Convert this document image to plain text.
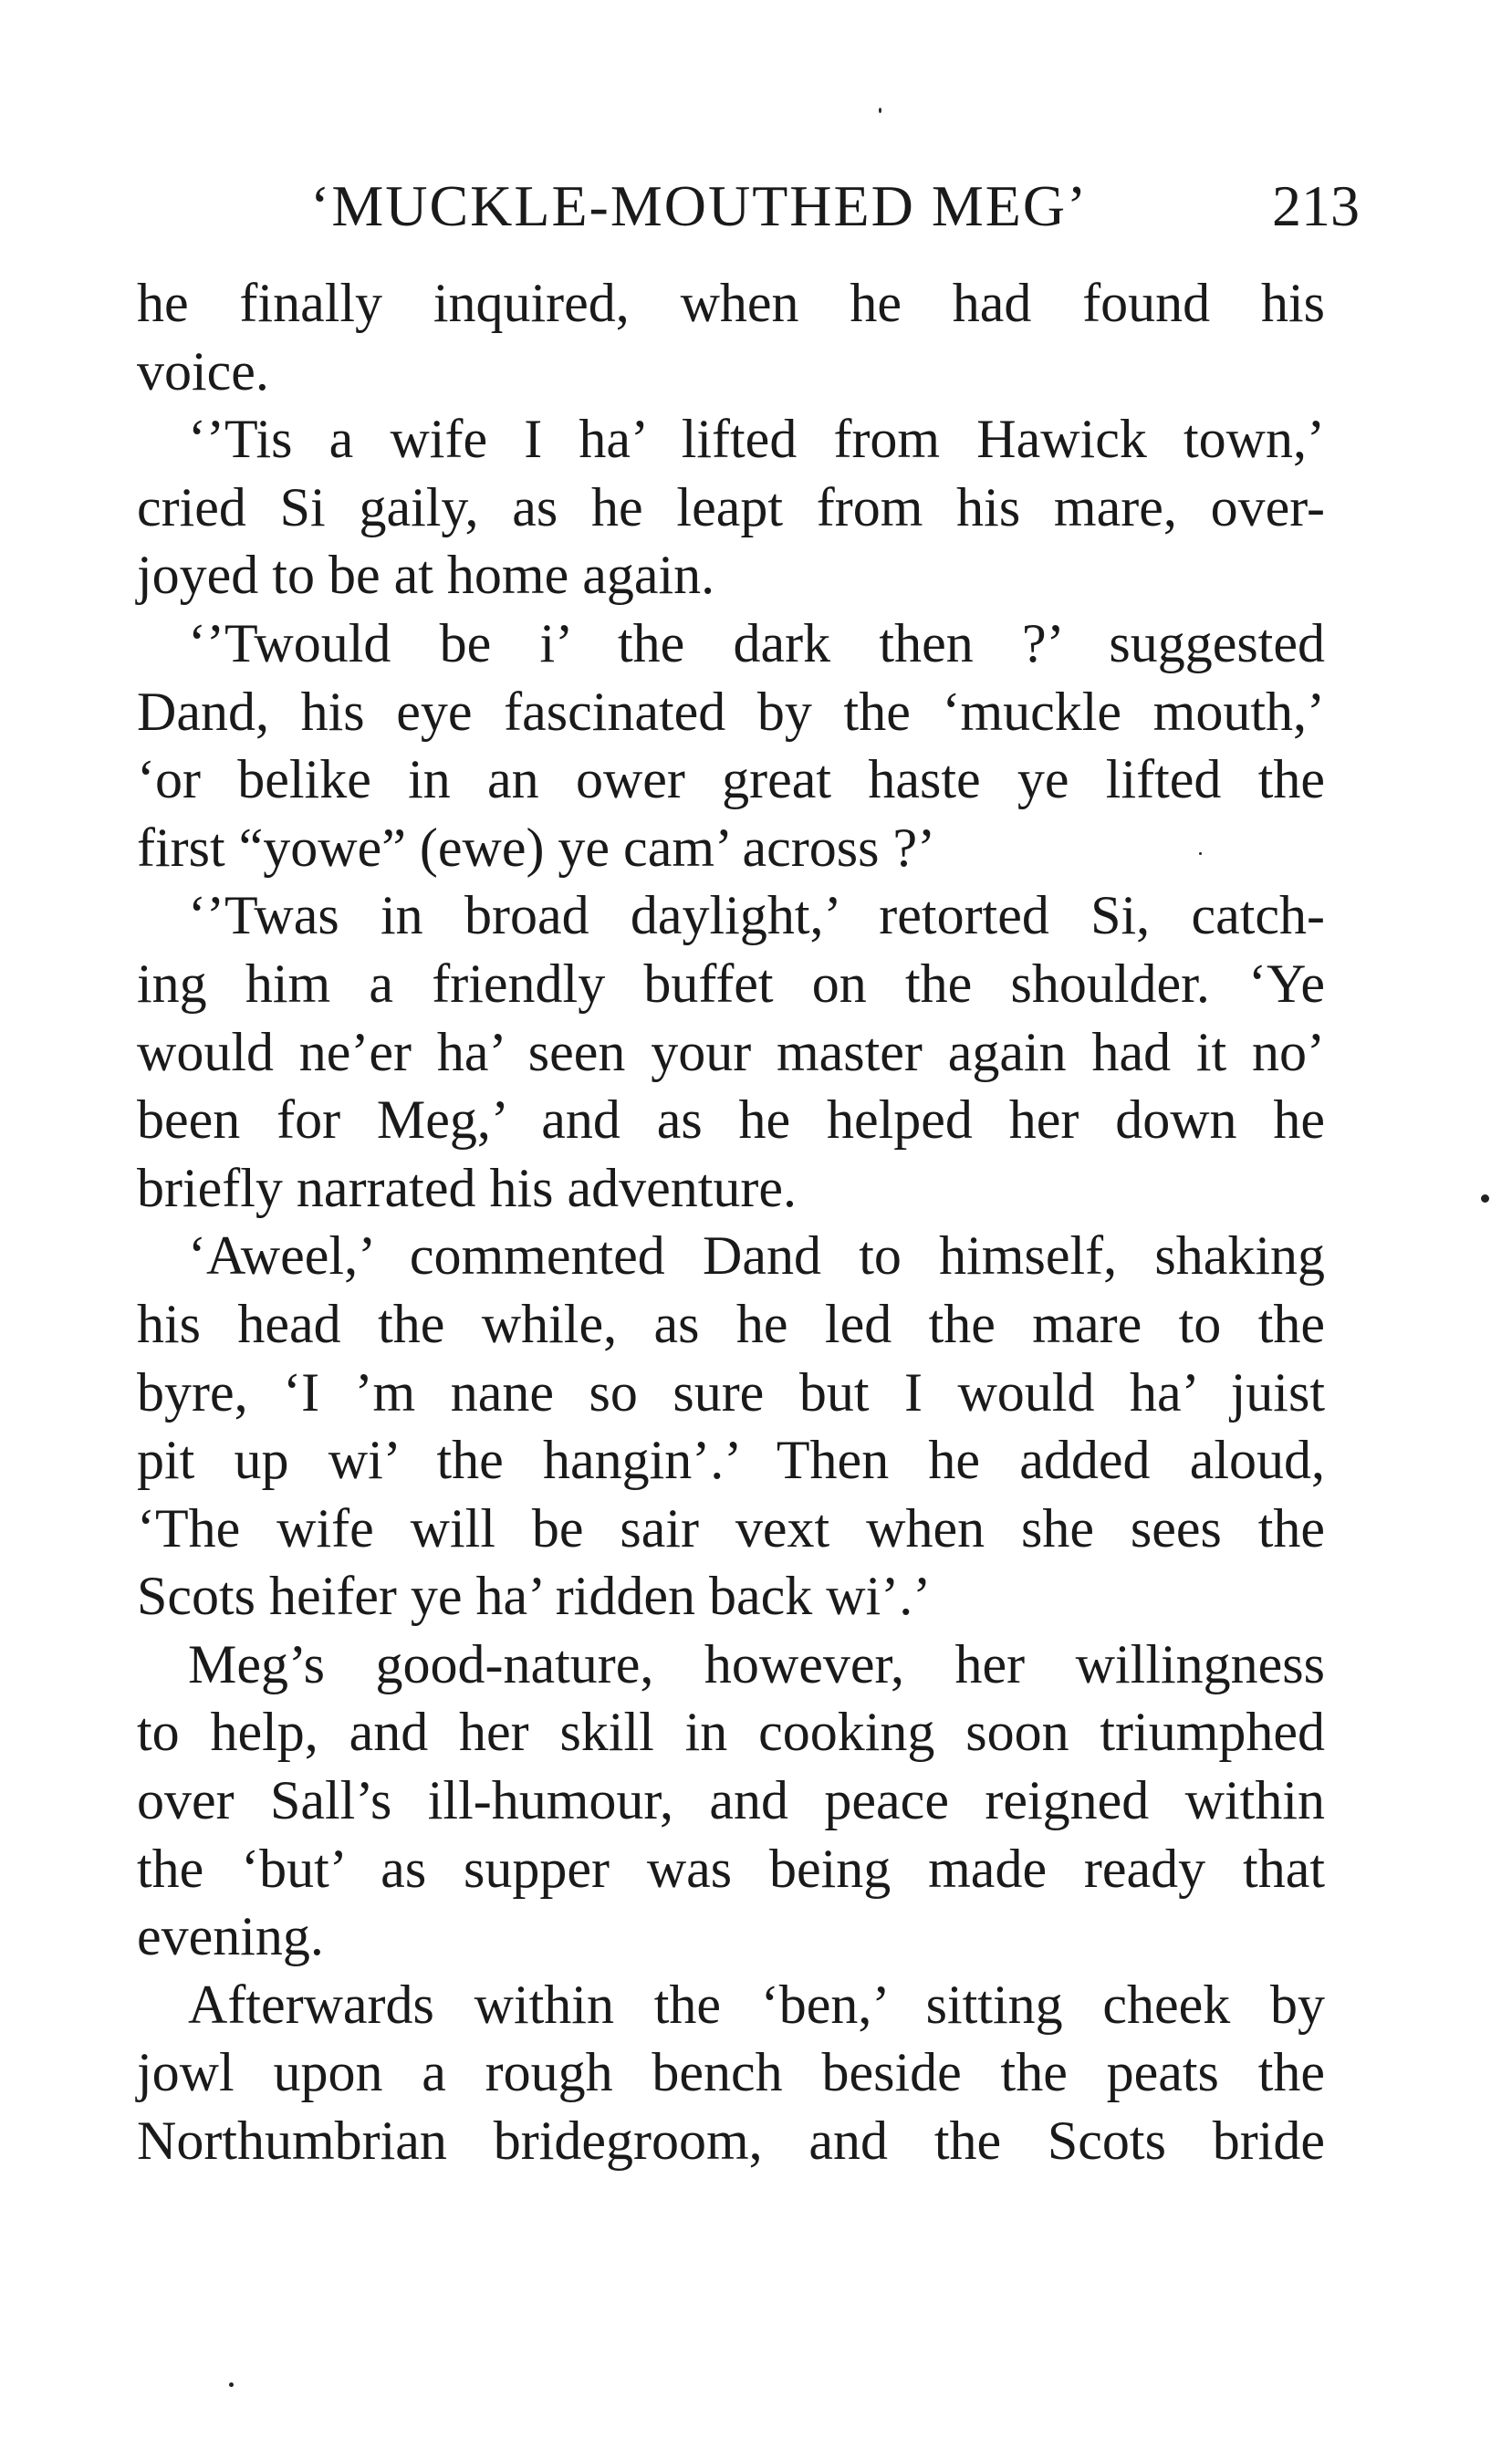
‘MUCKLE-MOUTHED MEG’	213
he finally inquired, when he had found his
voice.
‘’Tis a wife I ha’ lifted from Hawick town,’
cried Si gaily, as he leapt from his mare, over-
joyed to be at home again.
‘’Twould be i’ the dark then ?’ suggested
Dand, his eye fascinated by the ‘muckle mouth,’
‘or belike in an ower great haste ye lifted the
first “yowe” (ewe) ye cam’ across ?’
‘’Twas in broad daylight,’ retorted Si, catch-
ing him a friendly buffet on the shoulder. ‘Ye
would ne’er ha’ seen your master again had it no’
been for Meg,’ and as he helped her down he
briefly narrated his adventure.
‘Aweel,’ commented Dand to himself, shaking
his head the while, as he led the mare to the
byre, ‘I ’m nane so sure but I would ha’ juist
pit up wi’ the hangin’.’ Then he added aloud,
‘The wife will be sair vext when she sees the
Scots heifer ye ha’ ridden back wi’.’
Meg’s good-nature, however, her willingness
to help, and her skill in cooking soon triumphed
over Sall’s ill-humour, and peace reigned within
the ‘but’ as supper was being made ready that
evening.
Afterwards within the ‘ben,’ sitting cheek by
jowl upon a rough bench beside the peats the
Northumbrian bridegroom, and the Scots bride
